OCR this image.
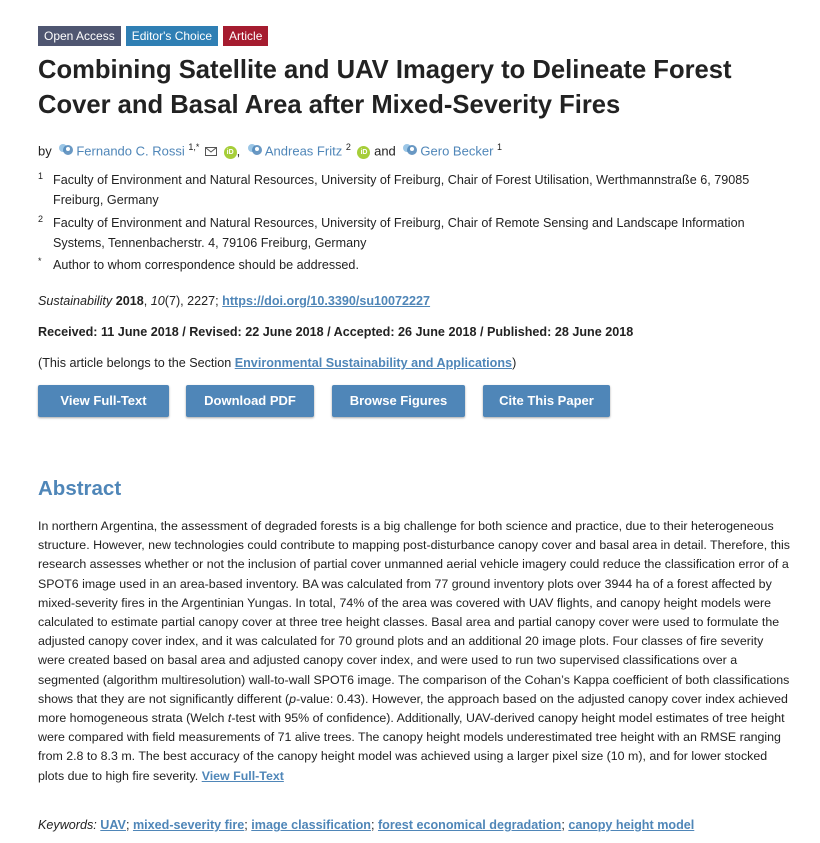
Open Access	Editor's Choice	Article
Combining Satellite and UAV Imagery to Delineate Forest Cover and Basal Area after Mixed-Severity Fires
by Fernando C. Rossi $^{1,*}$  iD , Andreas Fritz $^2$ iD and Gero Becker $^1$
1 Faculty of Environment and Natural Resources, University of Freiburg, Chair of Forest Utilisation, Werthmannstraße 6, 79085 Freiburg, Germany
2 Faculty of Environment and Natural Resources, University of Freiburg, Chair of Remote Sensing and Landscape Information Systems, Tennenbacherstr. 4, 79106 Freiburg, Germany
* Author to whom correspondence should be addressed.
Sustainability 2018, 10(7), 2227; https://doi.org/10.3390/su10072227
Received: 11 June 2018 / Revised: 22 June 2018 / Accepted: 26 June 2018 / Published: 28 June 2018
(This article belongs to the Section Environmental Sustainability and Applications)
View Full-Text	Download PDF	Browse Figures	Cite This Paper
Abstract

In northern Argentina, the assessment of degraded forests is a big challenge for both science and practice, due to their heterogeneous structure. However, new technologies could contribute to mapping post-disturbance canopy cover and basal area in detail. Therefore, this research assesses whether or not the inclusion of partial cover unmanned aerial vehicle imagery could reduce the classification error of a SPOT6 image used in an area-based inventory. BA was calculated from 77 ground inventory plots over 3944 ha of a forest affected by mixed-severity fires in the Argentinian Yungas. In total, 74% of the area was covered with UAV flights, and canopy height models were calculated to estimate partial canopy cover at three tree height classes. Basal area and partial canopy cover were used to formulate the adjusted canopy cover index, and it was calculated for 70 ground plots and an additional 20 image plots. Four classes of fire severity were created based on basal area and adjusted canopy cover index, and were used to run two supervised classifications over a segmented (algorithm multiresolution) wall-to-wall SPOT6 image. The comparison of the Cohan’s Kappa coefficient of both classifications shows that they are not significantly different (p-value: 0.43). However, the approach based on the adjusted canopy cover index achieved more homogeneous strata (Welch t-test with 95% of confidence). Additionally, UAV-derived canopy height model estimates of tree height were compared with field measurements of 71 alive trees. The canopy height models underestimated tree height with an RMSE ranging from 2.8 to 8.3 m. The best accuracy of the canopy height model was achieved using a larger pixel size (10 m), and for lower stocked plots due to high fire severity. View Full-Text

Keywords: UAV; mixed-severity fire; image classification; forest economical degradation; canopy height model
